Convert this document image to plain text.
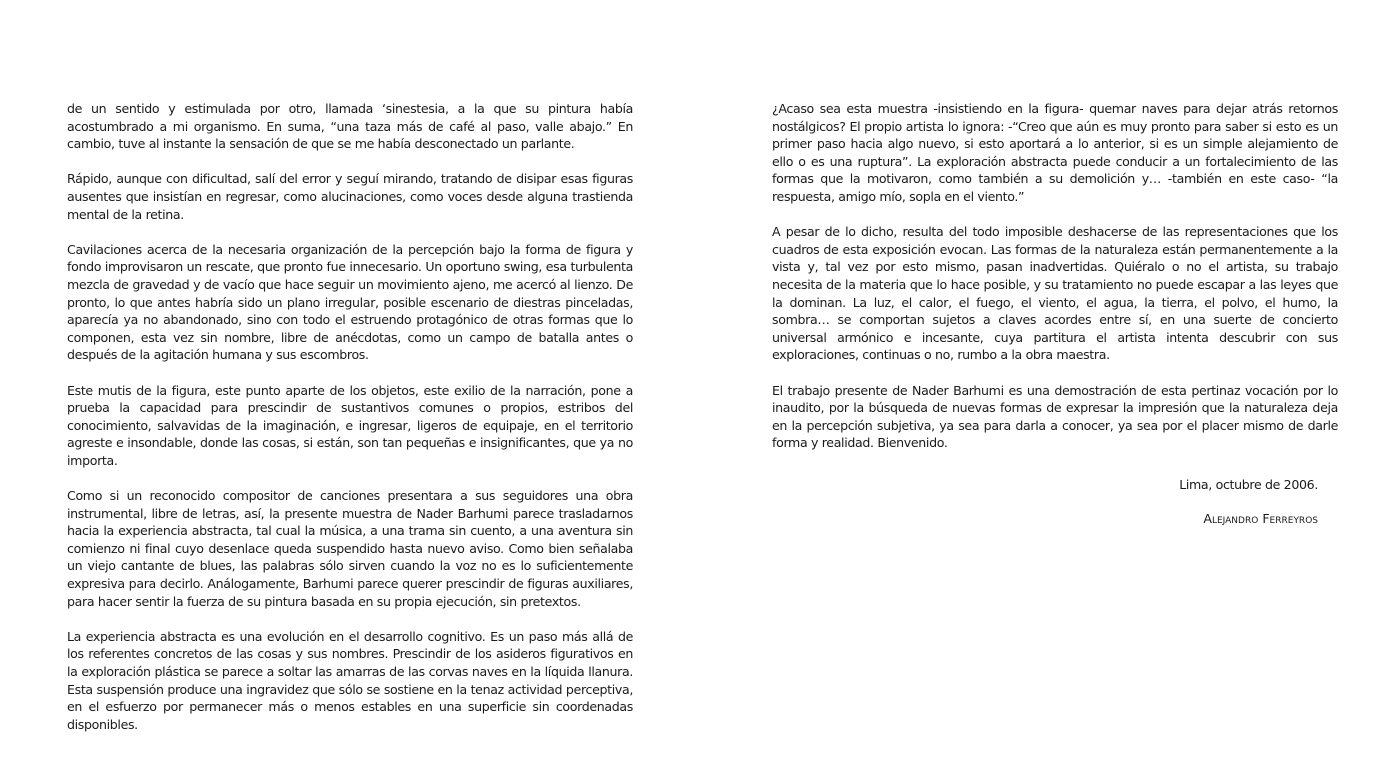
de un sentido y estimulada por otro, llamada ‘sinestesia, a la que su pintura había acostumbrado a mi organismo. En suma, “una taza más de café al paso, valle abajo.” En cambio, tuve al instante la sensación de que se me había desconectado un parlante.

Rápido, aunque con dificultad, salí del error y seguí mirando, tratando de disipar esas figuras ausentes que insistían en regresar, como alucinaciones, como voces desde alguna trastienda mental de la retina.

Cavilaciones acerca de la necesaria organización de la percepción bajo la forma de figura y fondo improvisaron un rescate, que pronto fue innecesario. Un oportuno swing, esa turbulenta mezcla de gravedad y de vacío que hace seguir un movimiento ajeno, me acercó al lienzo. De pronto, lo que antes habría sido un plano irregular, posible escenario de diestras pinceladas, aparecía ya no abandonado, sino con todo el estruendo protagónico de otras formas que lo componen, esta vez sin nombre, libre de anécdotas, como un campo de batalla antes o después de la agitación humana y sus escombros.

Este mutis de la figura, este punto aparte de los objetos, este exilio de la narración, pone a prueba la capacidad para prescindir de sustantivos comunes o propios, estribos del conocimiento, salvavidas de la imaginación, e ingresar, ligeros de equipaje, en el territorio agreste e insondable, donde las cosas, si están, son tan pequeñas e insignificantes, que ya no importa.

Como si un reconocido compositor de canciones presentara a sus seguidores una obra instrumental, libre de letras, así, la presente muestra de Nader Barhumi parece trasladarnos hacia la experiencia abstracta, tal cual la música, a una trama sin cuento, a una aventura sin comienzo ni final cuyo desenlace queda suspendido hasta nuevo aviso. Como bien señalaba un viejo cantante de blues, las palabras sólo sirven cuando la voz no es lo suficientemente expresiva para decirlo. Análogamente, Barhumi parece querer prescindir de figuras auxiliares, para hacer sentir la fuerza de su pintura basada en su propia ejecución, sin pretextos.

La experiencia abstracta es una evolución en el desarrollo cognitivo. Es un paso más allá de los referentes concretos de las cosas y sus nombres. Prescindir de los asideros figurativos en la exploración plástica se parece a soltar las amarras de las corvas naves en la líquida llanura. Esta suspensión produce una ingravidez que sólo se sostiene en la tenaz actividad perceptiva, en el esfuerzo por permanecer más o menos estables en una superficie sin coordenadas disponibles.

¿Acaso sea esta muestra -insistiendo en la figura- quemar naves para dejar atrás retornos nostálgicos? El propio artista lo ignora: -“Creo que aún es muy pronto para saber si esto es un primer paso hacia algo nuevo, si esto aportará a lo anterior, si es un simple alejamiento de ello o es una ruptura”. La exploración abstracta puede conducir a un fortalecimiento de las formas que la motivaron, como también a su demolición y… -también en este caso- “la respuesta, amigo mío, sopla en el viento.”

A pesar de lo dicho, resulta del todo imposible deshacerse de las representaciones que los cuadros de esta exposición evocan. Las formas de la naturaleza están permanentemente a la vista y, tal vez por esto mismo, pasan inadvertidas. Quiéralo o no el artista, su trabajo necesita de la materia que lo hace posible, y su tratamiento no puede escapar a las leyes que la dominan. La luz, el calor, el fuego, el viento, el agua, la tierra, el polvo, el humo, la sombra… se comportan sujetos a claves acordes entre sí, en una suerte de concierto universal armónico e incesante, cuya partitura el artista intenta descubrir con sus exploraciones, continuas o no, rumbo a la obra maestra.

El trabajo presente de Nader Barhumi es una demostración de esta pertinaz vocación por lo inaudito, por la búsqueda de nuevas formas de expresar la impresión que la naturaleza deja en la percepción subjetiva, ya sea para darla a conocer, ya sea por el placer mismo de darle forma y realidad. Bienvenido.

Lima, octubre de 2006.

Alejandro Ferreyros
